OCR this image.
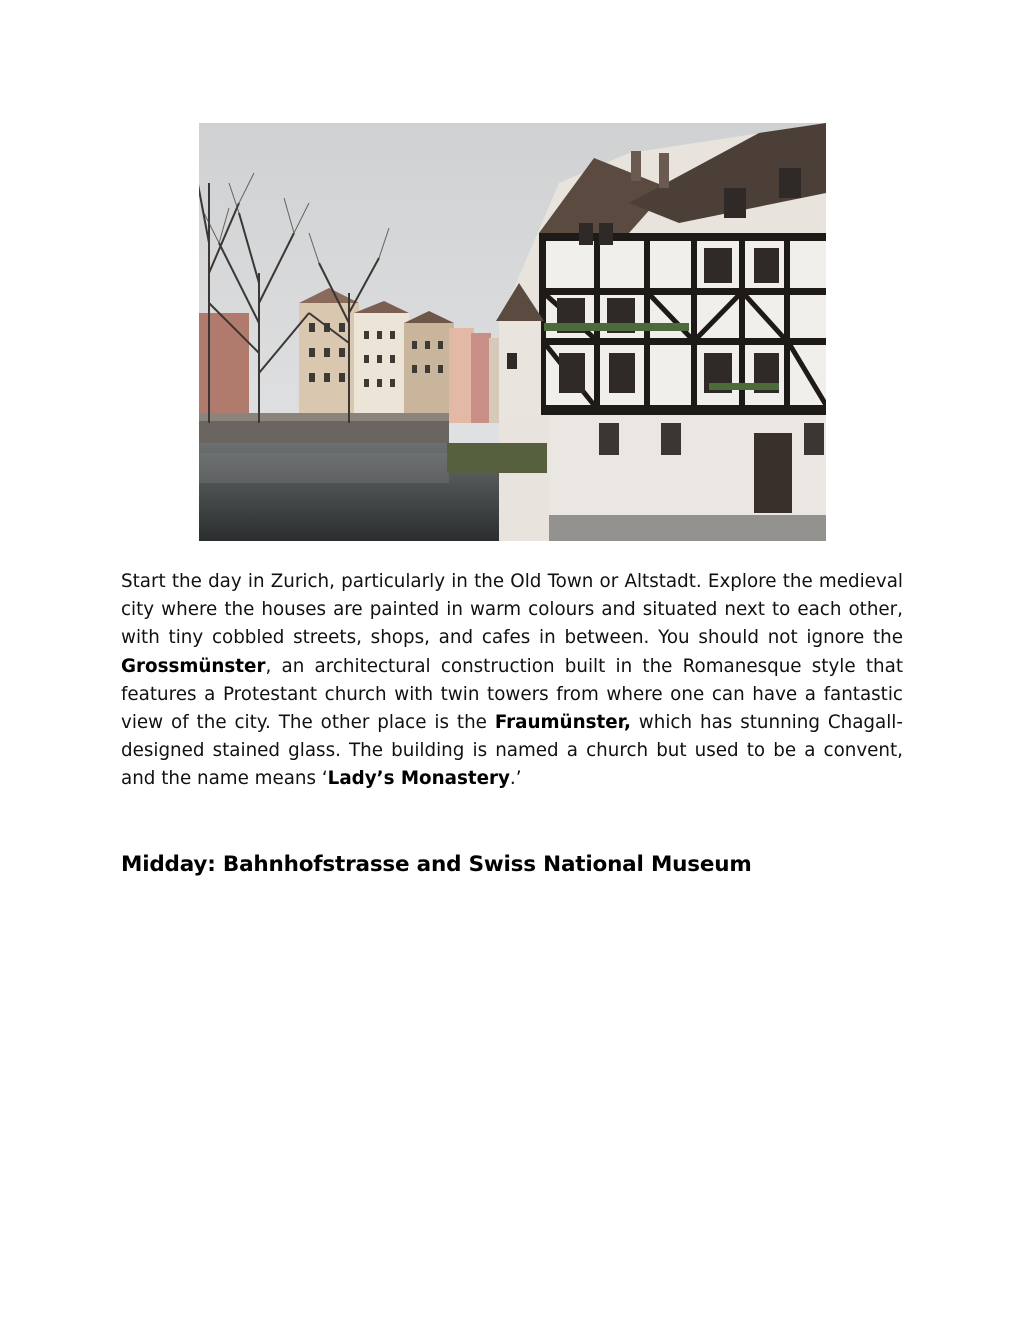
Start the day in Zurich, particularly in the Old Town or Altstadt. Explore the medieval city where the houses are painted in warm colours and situated next to each other, with tiny cobbled streets, shops, and cafes in between. You should not ignore the Grossmünster, an architectural construction built in the Romanesque style that features a Protestant church with twin towers from where one can have a fantastic view of the city. The other place is the Fraumünster, which has stunning Chagall-designed stained glass. The building is named a church but used to be a convent, and the name means ‘Lady’s Monastery.’

Midday: Bahnhofstrasse and Swiss National Museum
